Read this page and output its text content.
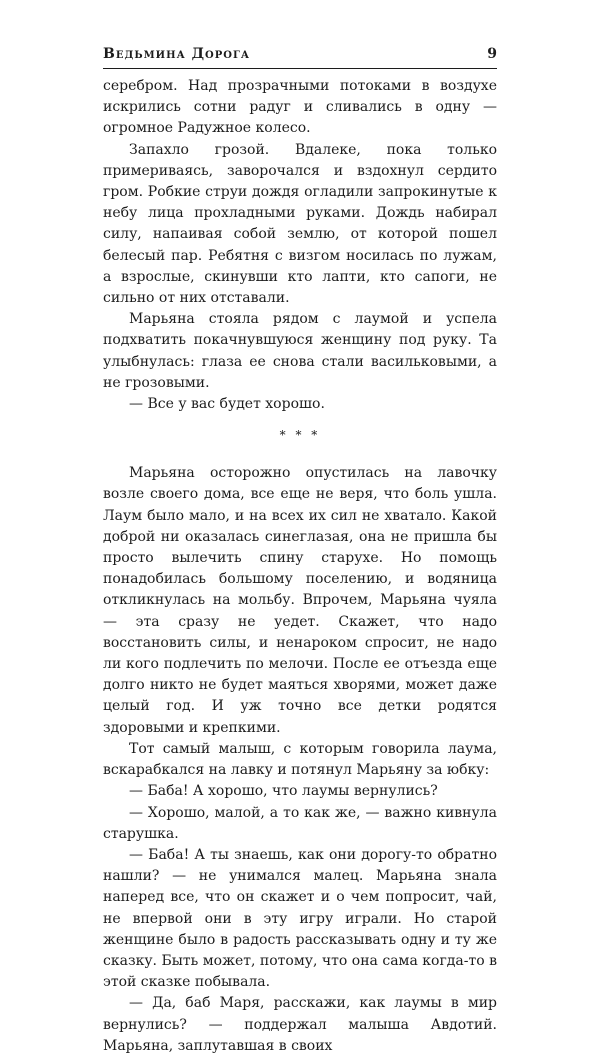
Ведьмина Дорога	9

серебром. Над прозрачными потоками в воздухе искрились сотни радуг и сливались в одну — огромное Радужное колесо.

Запахло грозой. Вдалеке, пока только примериваясь, заворочался и вздохнул сердито гром. Робкие струи дождя огладили запрокинутые к небу лица прохладными руками. Дождь набирал силу, напаивая собой землю, от которой пошел белесый пар. Ребятня с визгом носилась по лужам, а взрослые, скинувши кто лапти, кто сапоги, не сильно от них отставали.

Марьяна стояла рядом с лаумой и успела подхватить покачнувшуюся женщину под руку. Та улыбнулась: глаза ее снова стали васильковыми, а не грозовыми.

— Все у вас будет хорошо.

* * *

Марьяна осторожно опустилась на лавочку возле своего дома, все еще не веря, что боль ушла. Лаум было мало, и на всех их сил не хватало. Какой доброй ни оказалась синеглазая, она не пришла бы просто вылечить спину старухе. Но помощь понадобилась большому поселению, и водяница откликнулась на мольбу. Впрочем, Марьяна чуяла — эта сразу не уедет. Скажет, что надо восстановить силы, и ненароком спросит, не надо ли кого подлечить по мелочи. После ее отъезда еще долго никто не будет маяться хворями, может даже целый год. И уж точно все детки родятся здоровыми и крепкими.

Тот самый малыш, с которым говорила лаума, вскарабкался на лавку и потянул Марьяну за юбку:

— Баба! А хорошо, что лаумы вернулись?

— Хорошо, малой, а то как же, — важно кивнула старушка.

— Баба! А ты знаешь, как они дорогу-то обратно нашли? — не унимался малец. Марьяна знала наперед все, что он скажет и о чем попросит, чай, не впервой они в эту игру играли. Но старой женщине было в радость рассказывать одну и ту же сказку. Быть может, потому, что она сама когда-то в этой сказке побывала.

— Да, баб Маря, расскажи, как лаумы в мир вернулись? — поддержал малыша Авдотий. Марьяна, заплутавшая в своих
